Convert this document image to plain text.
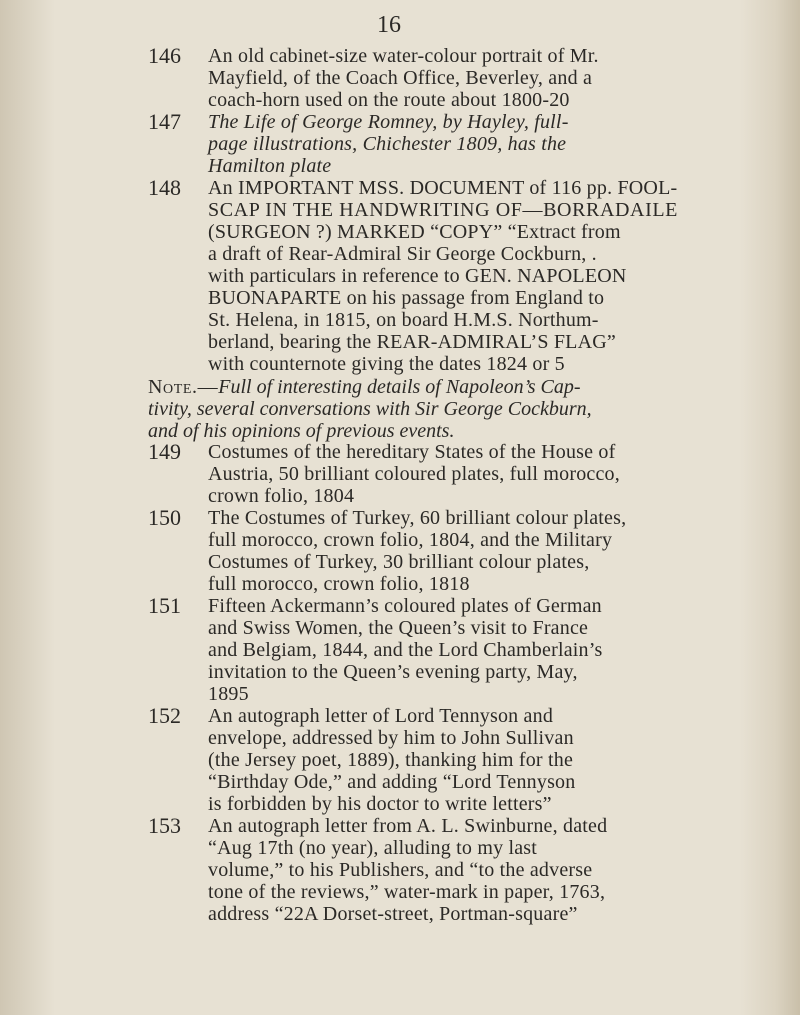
16
146 An old cabinet-size water-colour portrait of Mr.
Mayfield, of the Coach Office, Beverley, and a
coach-horn used on the route about 1800-20
147 The Life of George Romney, by Hayley, full-
page illustrations, Chichester 1809, has the
Hamilton plate
148 An IMPORTANT MSS. DOCUMENT of 116 pp. FOOL-
SCAP IN THE HANDWRITING OF—BORRADAILE
(SURGEON ?) MARKED “COPY” “Extract from
a draft of Rear-Admiral Sir George Cockburn, .
with particulars in reference to GEN. NAPOLEON
BUONAPARTE on his passage from England to
St. Helena, in 1815, on board H.M.S. Northum-
berland, bearing the REAR-ADMIRAL’S FLAG”
with counternote giving the dates 1824 or 5
Note.—Full of interesting details of Napoleon’s Cap-
tivity, several conversations with Sir George Cockburn,
and of his opinions of previous events.
149 Costumes of the hereditary States of the House of
Austria, 50 brilliant coloured plates, full morocco,
crown folio, 1804
150 The Costumes of Turkey, 60 brilliant colour plates,
full morocco, crown folio, 1804, and the Military
Costumes of Turkey, 30 brilliant colour plates,
full morocco, crown folio, 1818
151 Fifteen Ackermann’s coloured plates of German
and Swiss Women, the Queen’s visit to France
and Belgiam, 1844, and the Lord Chamberlain’s
invitation to the Queen’s evening party, May,
1895
152 An autograph letter of Lord Tennyson and
envelope, addressed by him to John Sullivan
(the Jersey poet, 1889), thanking him for the
“Birthday Ode,” and adding “Lord Tennyson
is forbidden by his doctor to write letters”
153 An autograph letter from A. L. Swinburne, dated
“Aug 17th (no year), alluding to my last
volume,” to his Publishers, and “to the adverse
tone of the reviews,” water-mark in paper, 1763,
address “22A Dorset-street, Portman-square”
